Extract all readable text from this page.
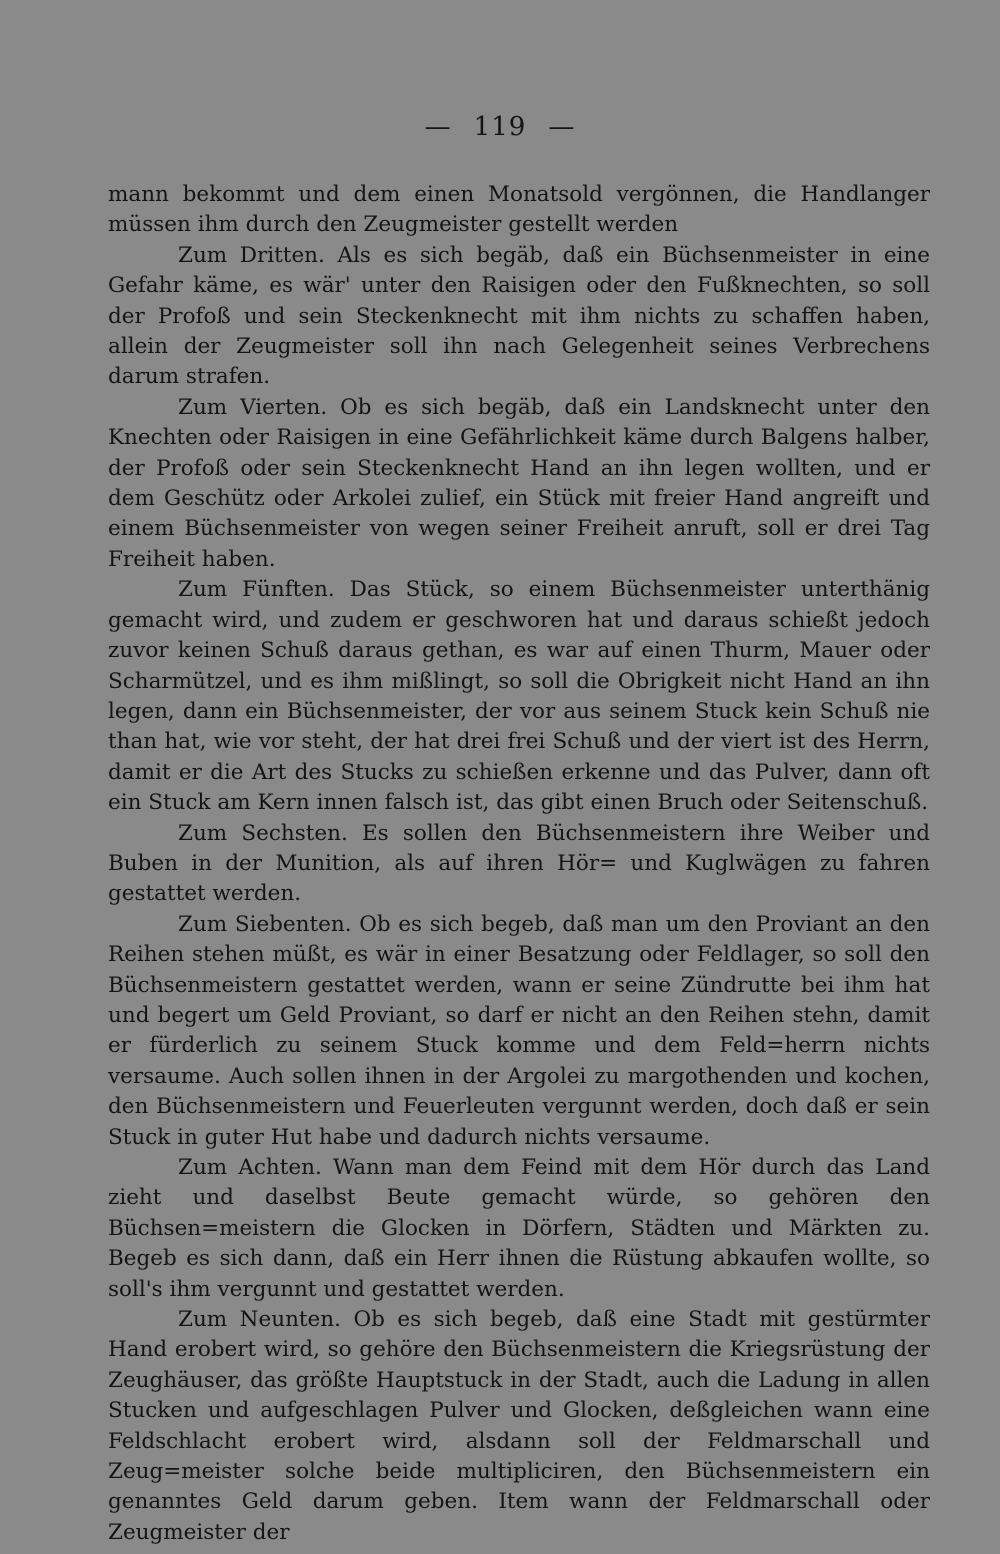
— 119 —

mann bekommt und dem einen Monatsold vergönnen, die Handlanger müssen ihm durch den Zeugmeister gestellt werden

Zum Dritten. Als es sich begäb, daß ein Büchsenmeister in eine Gefahr käme, es wär' unter den Raisigen oder den Fußknechten, so soll der Profoß und sein Steckenknecht mit ihm nichts zu schaffen haben, allein der Zeugmeister soll ihn nach Gelegenheit seines Verbrechens darum strafen.

Zum Vierten. Ob es sich begäb, daß ein Landsknecht unter den Knechten oder Raisigen in eine Gefährlichkeit käme durch Balgens halber, der Profoß oder sein Steckenknecht Hand an ihn legen wollten, und er dem Geschütz oder Arkolei zulief, ein Stück mit freier Hand angreift und einem Büchsenmeister von wegen seiner Freiheit anruft, soll er drei Tag Freiheit haben.

Zum Fünften. Das Stück, so einem Büchsenmeister unterthänig gemacht wird, und zudem er geschworen hat und daraus schießt jedoch zuvor keinen Schuß daraus gethan, es war auf einen Thurm, Mauer oder Scharmützel, und es ihm mißlingt, so soll die Obrigkeit nicht Hand an ihn legen, dann ein Büchsenmeister, der vor aus seinem Stuck kein Schuß nie than hat, wie vor steht, der hat drei frei Schuß und der viert ist des Herrn, damit er die Art des Stucks zu schießen erkenne und das Pulver, dann oft ein Stuck am Kern innen falsch ist, das gibt einen Bruch oder Seitenschuß.

Zum Sechsten. Es sollen den Büchsenmeistern ihre Weiber und Buben in der Munition, als auf ihren Hör= und Kuglwägen zu fahren gestattet werden.

Zum Siebenten. Ob es sich begeb, daß man um den Proviant an den Reihen stehen müßt, es wär in einer Besatzung oder Feldlager, so soll den Büchsenmeistern gestattet werden, wann er seine Zündrutte bei ihm hat und begert um Geld Proviant, so darf er nicht an den Reihen stehn, damit er fürderlich zu seinem Stuck komme und dem Feld=herrn nichts versaume. Auch sollen ihnen in der Argolei zu margothenden und kochen, den Büchsenmeistern und Feuerleuten vergunnt werden, doch daß er sein Stuck in guter Hut habe und dadurch nichts versaume.

Zum Achten. Wann man dem Feind mit dem Hör durch das Land zieht und daselbst Beute gemacht würde, so gehören den Büchsen=meistern die Glocken in Dörfern, Städten und Märkten zu. Begeb es sich dann, daß ein Herr ihnen die Rüstung abkaufen wollte, so soll's ihm vergunnt und gestattet werden.

Zum Neunten. Ob es sich begeb, daß eine Stadt mit gestürmter Hand erobert wird, so gehöre den Büchsenmeistern die Kriegsrüstung der Zeughäuser, das größte Hauptstuck in der Stadt, auch die Ladung in allen Stucken und aufgeschlagen Pulver und Glocken, deßgleichen wann eine Feldschlacht erobert wird, alsdann soll der Feldmarschall und Zeug=meister solche beide multipliciren, den Büchsenmeistern ein genanntes Geld darum geben. Item wann der Feldmarschall oder Zeugmeister der
